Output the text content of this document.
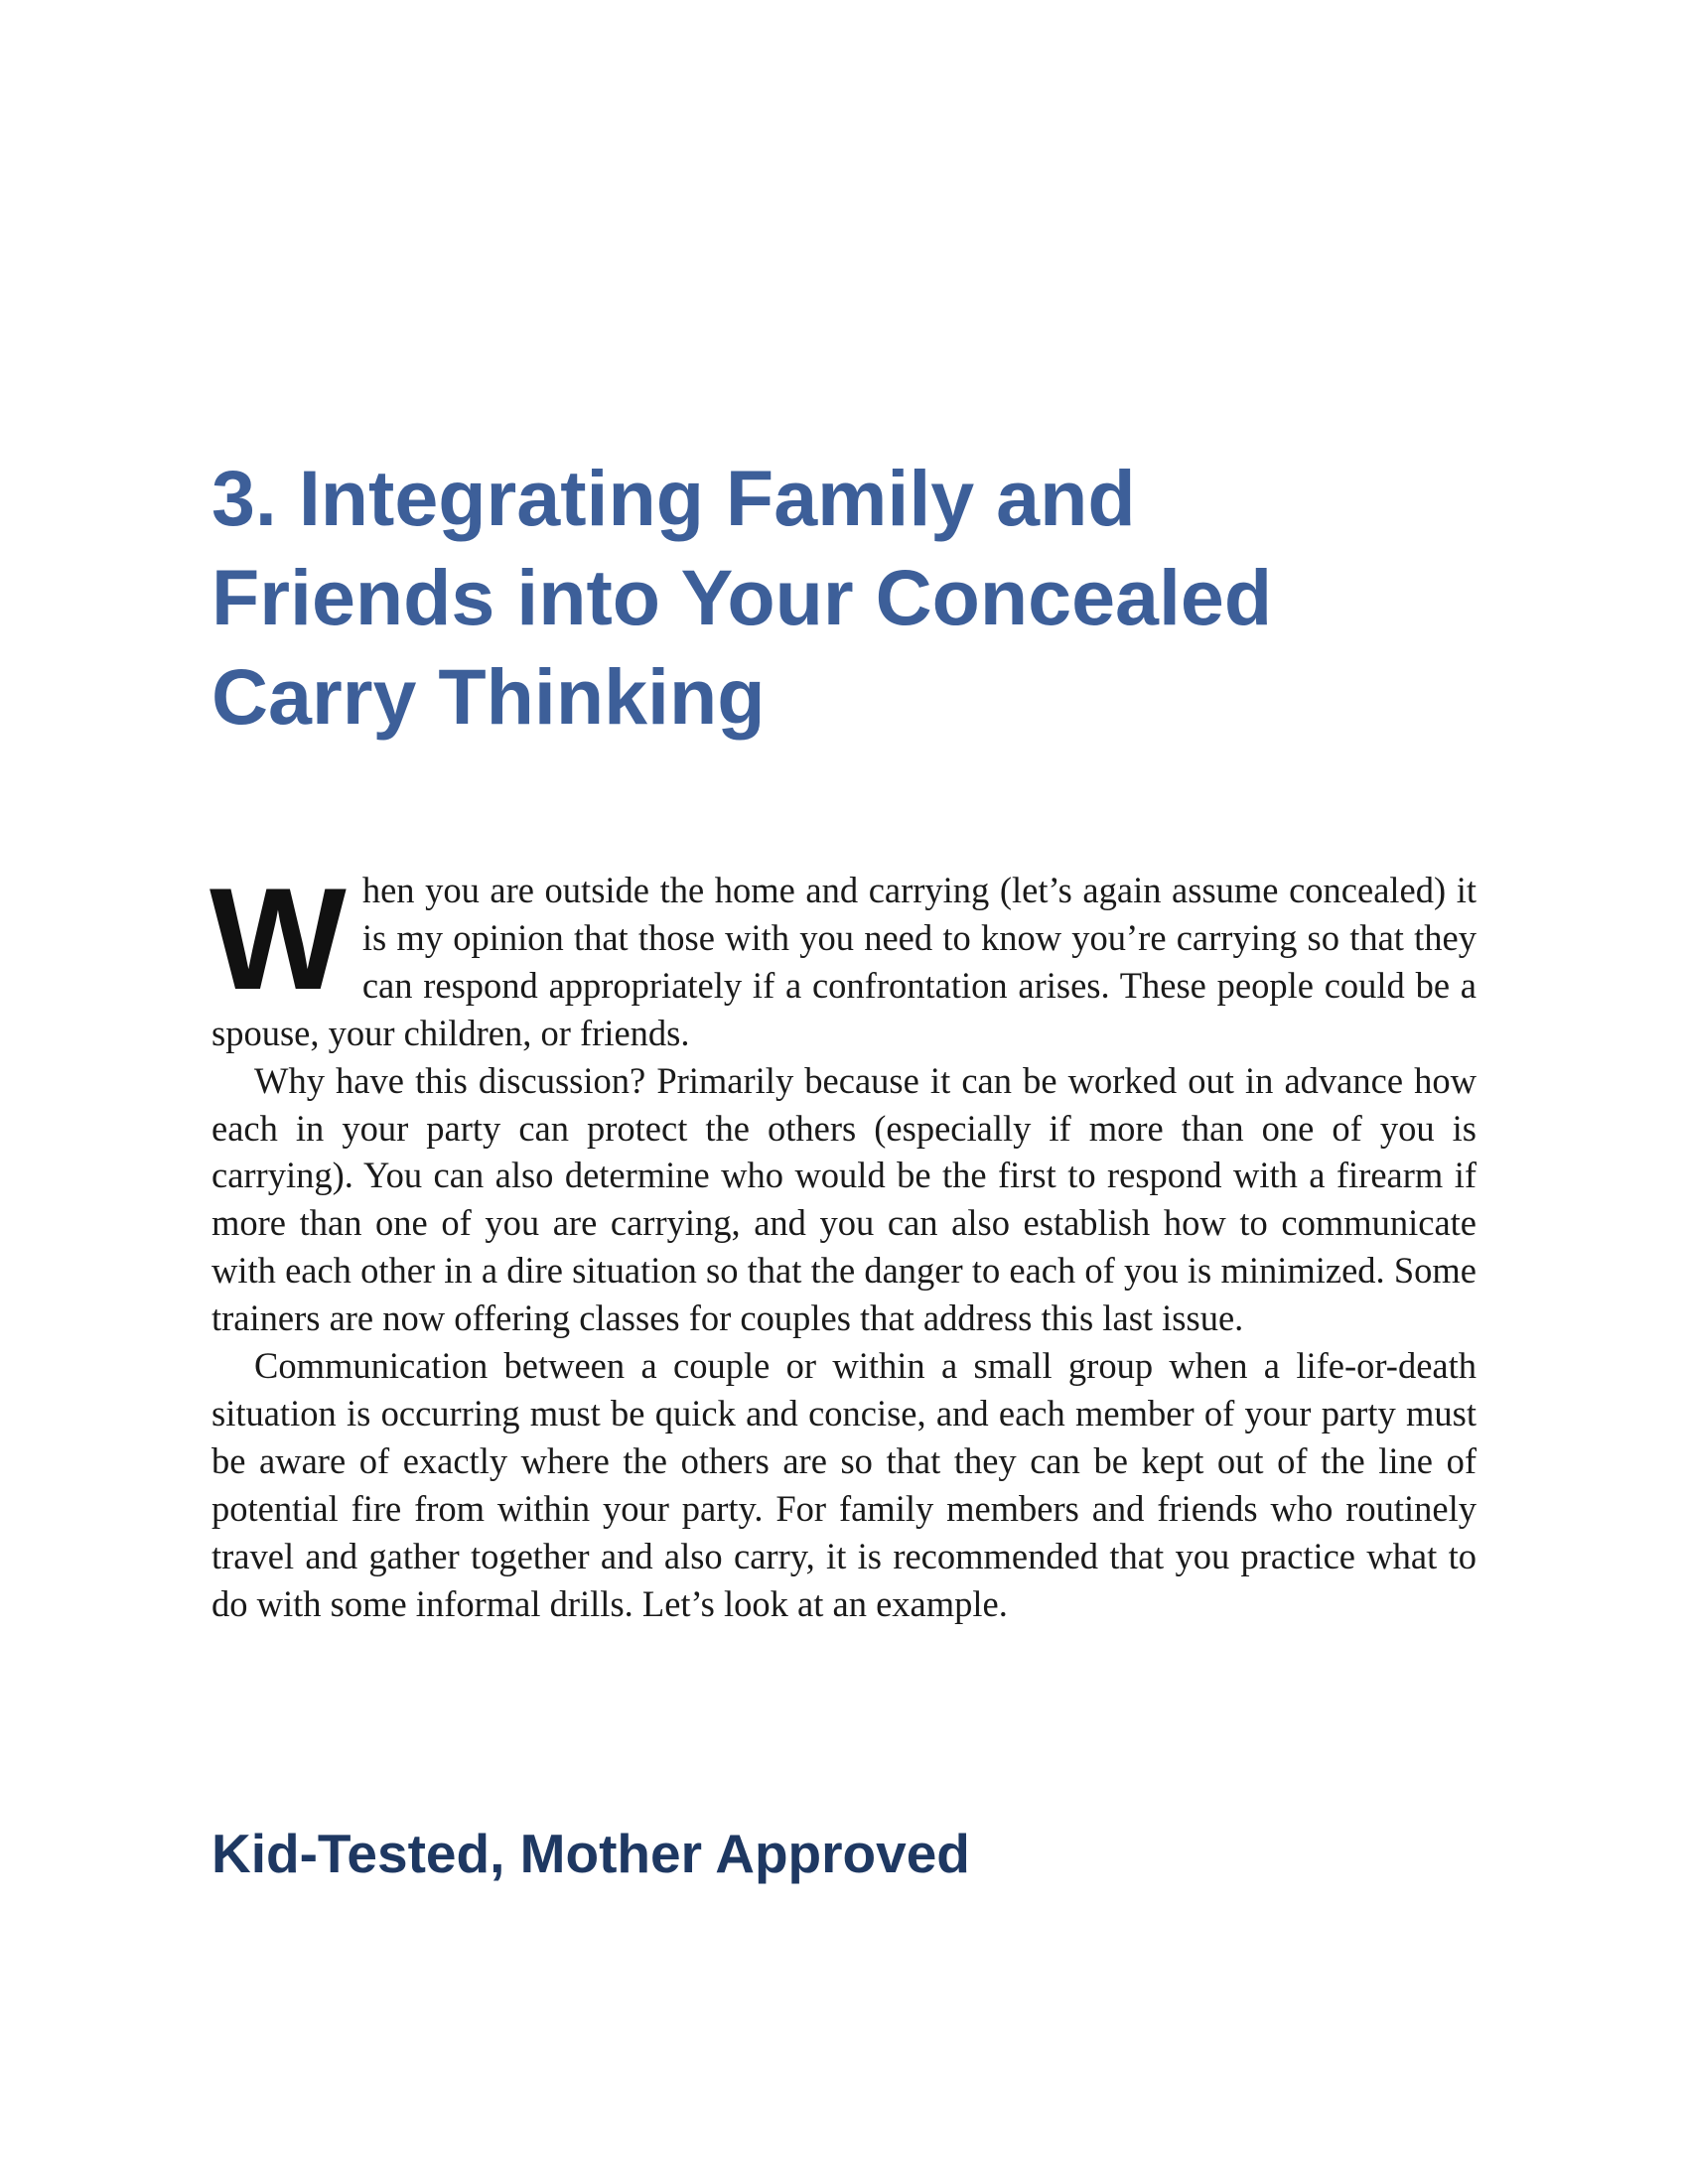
3. Integrating Family and
Friends into Your Concealed
Carry Thinking

When you are outside the home and carrying (let’s again assume concealed) it is my opinion that those with you need to know you’re carrying so that they can respond appropriately if a confrontation arises. These people could be a spouse, your children, or friends.

Why have this discussion? Primarily because it can be worked out in advance how each in your party can protect the others (especially if more than one of you is carrying). You can also determine who would be the first to respond with a firearm if more than one of you are carrying, and you can also establish how to communicate with each other in a dire situation so that the danger to each of you is minimized. Some trainers are now offering classes for couples that address this last issue.

Communication between a couple or within a small group when a life-or-death situation is occurring must be quick and concise, and each member of your party must be aware of exactly where the others are so that they can be kept out of the line of potential fire from within your party. For family members and friends who routinely travel and gather together and also carry, it is recommended that you practice what to do with some informal drills. Let’s look at an example.

Kid-Tested, Mother Approved
